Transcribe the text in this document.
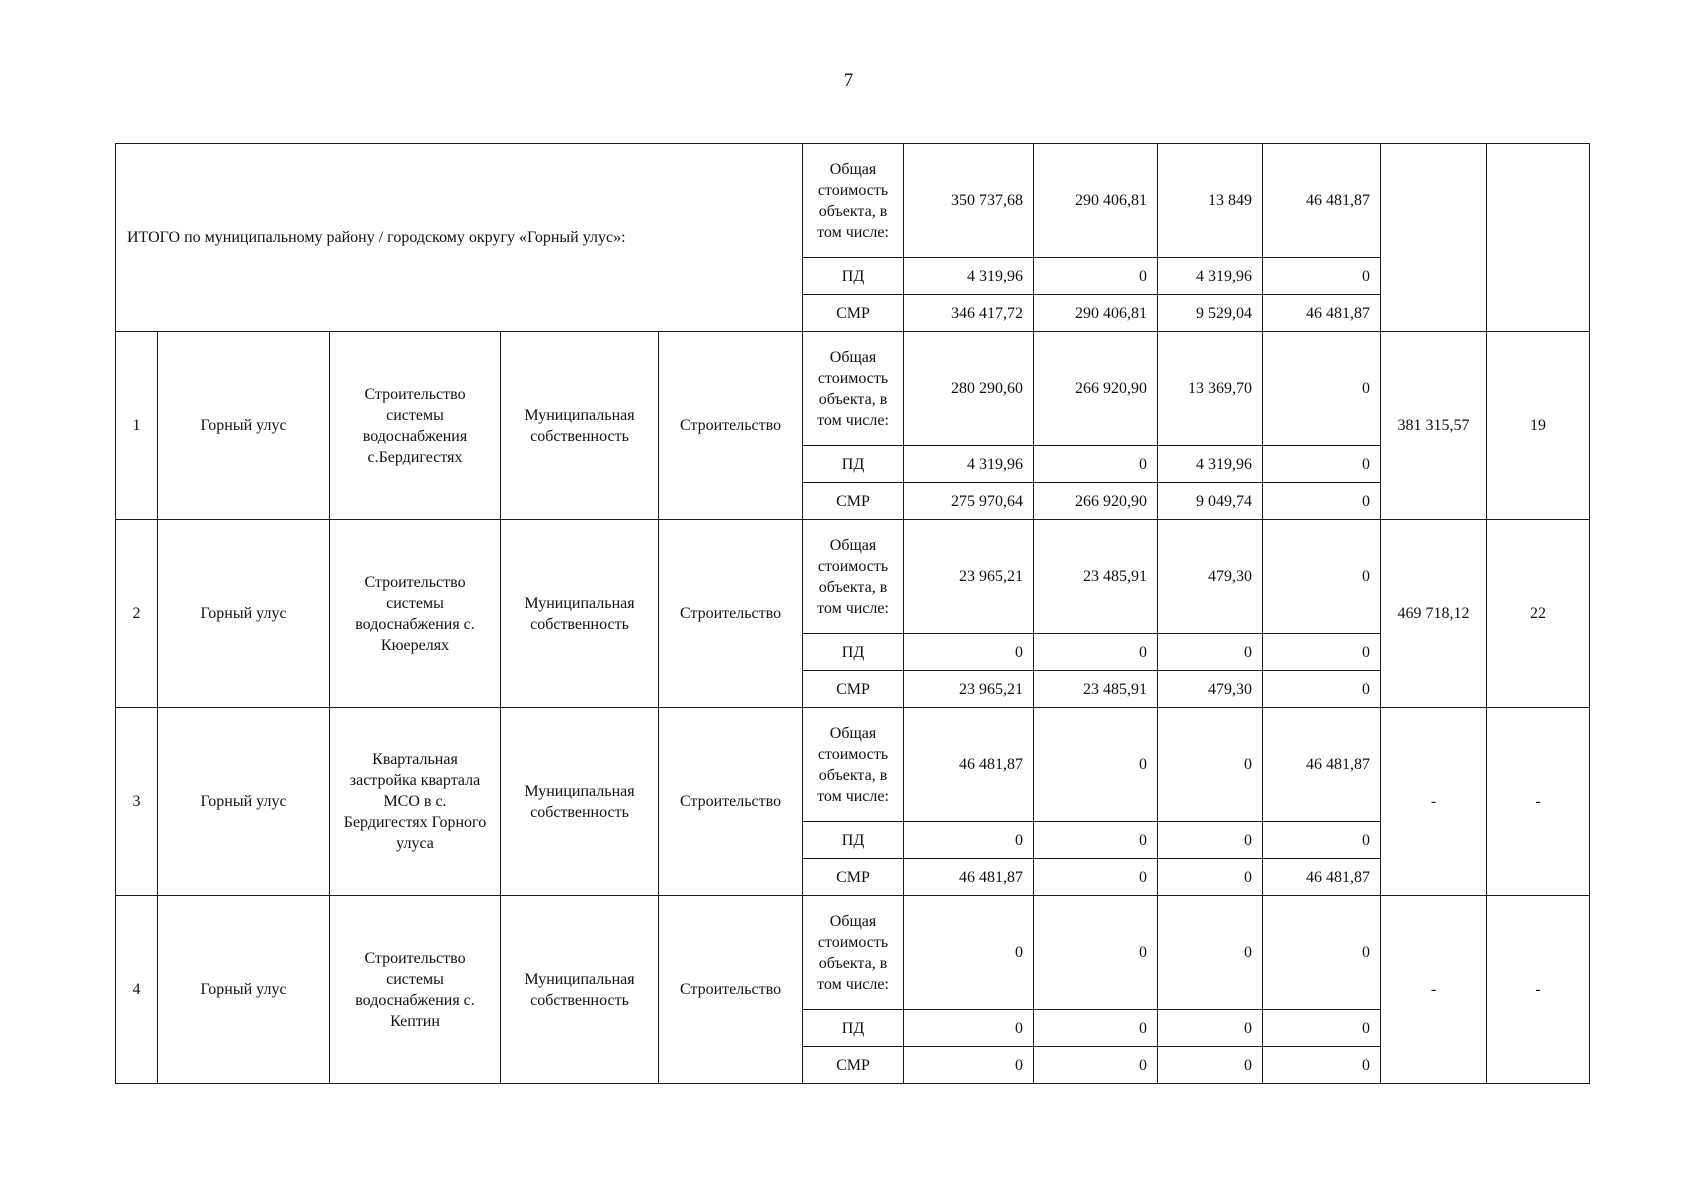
7
ИТОГО по муниципальному району / городскому округу «Горный улус»:					Общая стоимость объекта, в том числе:	350 737,68	290 406,81	13 849	46 481,87		
					ПД	4 319,96	0	4 319,96	0		
					СМР	346 417,72	290 406,81	9 529,04	46 481,87		
1	Горный улус	Строительство системы водоснабжения с.Бердигестях	Муниципальная собственность	Строительство	Общая стоимость объекта, в том числе:	280 290,60	266 920,90	13 369,70	0	381 315,57	19
					ПД	4 319,96	0	4 319,96	0		
					СМР	275 970,64	266 920,90	9 049,74	0		
2	Горный улус	Строительство системы водоснабжения с. Кюерелях	Муниципальная собственность	Строительство	Общая стоимость объекта, в том числе:	23 965,21	23 485,91	479,30	0	469 718,12	22
					ПД	0	0	0	0		
					СМР	23 965,21	23 485,91	479,30	0		
3	Горный улус	Квартальная застройка квартала МСО в с. Бердигестях Горного улуса	Муниципальная собственность	Строительство	Общая стоимость объекта, в том числе:	46 481,87	0	0	46 481,87	-	-
					ПД	0	0	0	0		
					СМР	46 481,87	0	0	46 481,87		
4	Горный улус	Строительство системы водоснабжения с. Кептин	Муниципальная собственность	Строительство	Общая стоимость объекта, в том числе:	0	0	0	0	-	-
					ПД	0	0	0	0		
					СМР	0	0	0	0		
